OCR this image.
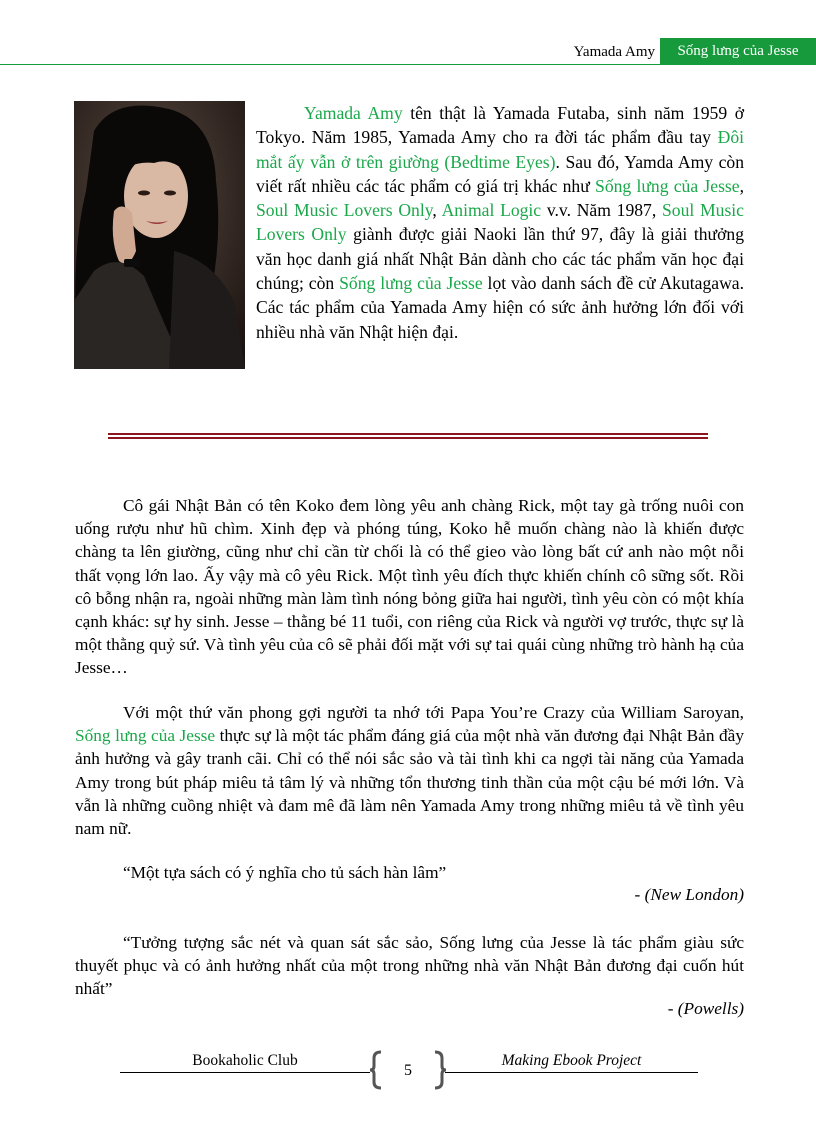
Yamada Amy	Sống lưng của Jesse

Yamada Amy tên thật là Yamada Futaba, sinh năm 1959 ở Tokyo. Năm 1985, Yamada Amy cho ra đời tác phẩm đầu tay Đôi mắt ấy vẫn ở trên giường (Bedtime Eyes). Sau đó, Yamda Amy còn viết rất nhiều các tác phẩm có giá trị khác như Sống lưng của Jesse, Soul Music Lovers Only, Animal Logic v.v. Năm 1987, Soul Music Lovers Only giành được giải Naoki lần thứ 97, đây là giải thưởng văn học danh giá nhất Nhật Bản dành cho các tác phẩm văn học đại chúng; còn Sống lưng của Jesse lọt vào danh sách đề cử Akutagawa. Các tác phẩm của Yamada Amy hiện có sức ảnh hưởng lớn đối với nhiều nhà văn Nhật hiện đại.

Cô gái Nhật Bản có tên Koko đem lòng yêu anh chàng Rick, một tay gà trống nuôi con uống rượu như hũ chìm. Xinh đẹp và phóng túng, Koko hễ muốn chàng nào là khiến được chàng ta lên giường, cũng như chỉ cần từ chối là có thể gieo vào lòng bất cứ anh nào một nỗi thất vọng lớn lao. Ấy vậy mà cô yêu Rick. Một tình yêu đích thực khiến chính cô sững sốt. Rồi cô bỗng nhận ra, ngoài những màn làm tình nóng bỏng giữa hai người, tình yêu còn có một khía cạnh khác: sự hy sinh. Jesse – thằng bé 11 tuổi, con riêng của Rick và người vợ trước, thực sự là một thằng quỷ sứ. Và tình yêu của cô sẽ phải đối mặt với sự tai quái cùng những trò hành hạ của Jesse…

Với một thứ văn phong gợi người ta nhớ tới Papa You’re Crazy của William Saroyan, Sống lưng của Jesse thực sự là một tác phẩm đáng giá của một nhà văn đương đại Nhật Bản đầy ảnh hưởng và gây tranh cãi. Chỉ có thể nói sắc sảo và tài tình khi ca ngợi tài năng của Yamada Amy trong bút pháp miêu tả tâm lý và những tổn thương tinh thần của một cậu bé mới lớn. Và vẫn là những cuồng nhiệt và đam mê đã làm nên Yamada Amy trong những miêu tả về tình yêu nam nữ.

“Một tựa sách có ý nghĩa cho tủ sách hàn lâm”

- (New London)

“Tưởng tượng sắc nét và quan sát sắc sảo, Sống lưng của Jesse là tác phẩm giàu sức thuyết phục và có ảnh hưởng nhất của một trong những nhà văn Nhật Bản đương đại cuốn hút nhất”

- (Powells)
Bookaholic Club
5
Making Ebook Project
